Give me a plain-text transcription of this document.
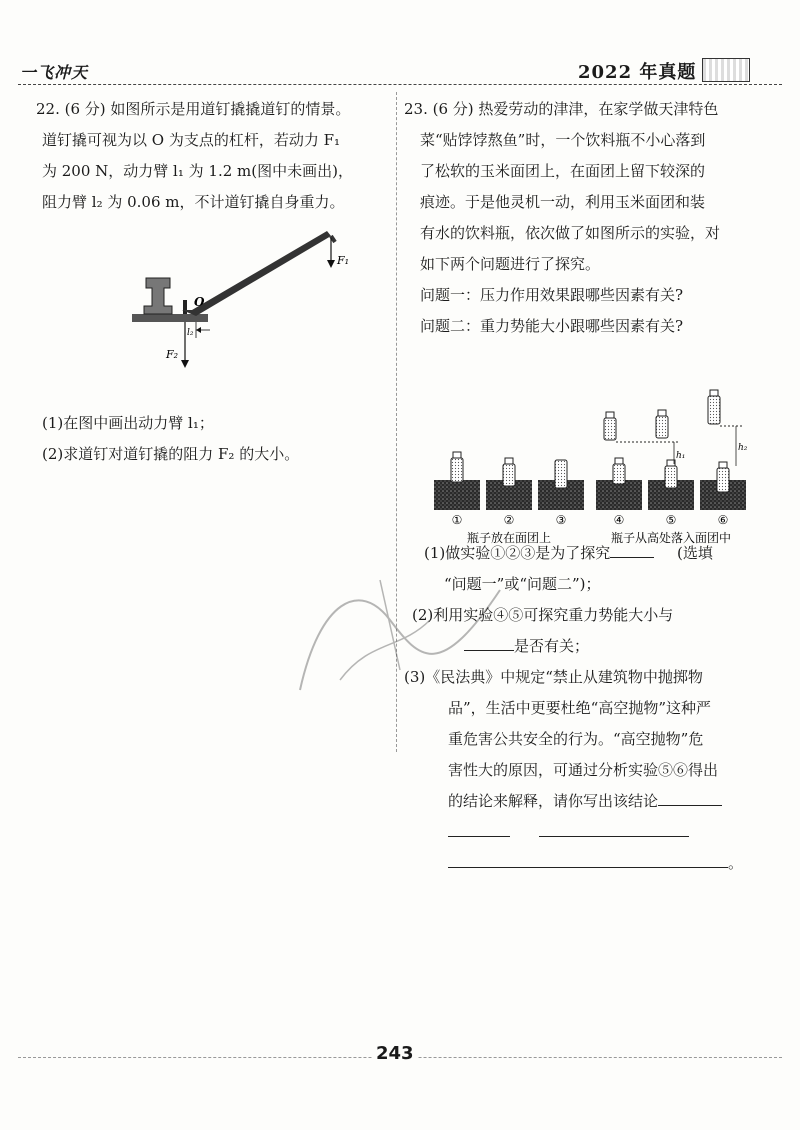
一飞冲天	2022 年真题
22. (6 分) 如图所示是用道钉撬撬道钉的情景。
道钉撬可视为以 O 为支点的杠杆，若动力 F₁
为 200 N，动力臂 l₁ 为 1.2 m(图中未画出)，
阻力臂 l₂ 为 0.06 m，不计道钉撬自身重力。
(1)在图中画出动力臂 l₁；
(2)求道钉对道钉撬的阻力 F₂ 的大小。
F₁
O
l₂
F₂
23. (6 分) 热爱劳动的津津，在家学做天津特色
菜“贴饽饽熬鱼”时，一个饮料瓶不小心落到
了松软的玉米面团上，在面团上留下较深的
痕迹。于是他灵机一动，利用玉米面团和装
有水的饮料瓶，依次做了如图所示的实验，对
如下两个问题进行了探究。
问题一：压力作用效果跟哪些因素有关?
问题二：重力势能大小跟哪些因素有关?
(1)做实验①②③是为了探究	(选填
“问题一”或“问题二”)；
(2)利用实验④⑤可探究重力势能大小与
是否有关；
(3)《民法典》中规定“禁止从建筑物中抛掷物
品”，生活中更要杜绝“高空抛物”这种严
重危害公共安全的行为。“高空抛物”危
害性大的原因，可通过分析实验⑤⑥得出
的结论来解释，请你写出该结论

。
h₁
h₂
①	②	③	④	⑤	⑥
瓶子放在面团上	瓶子从高处落入面团中
243
